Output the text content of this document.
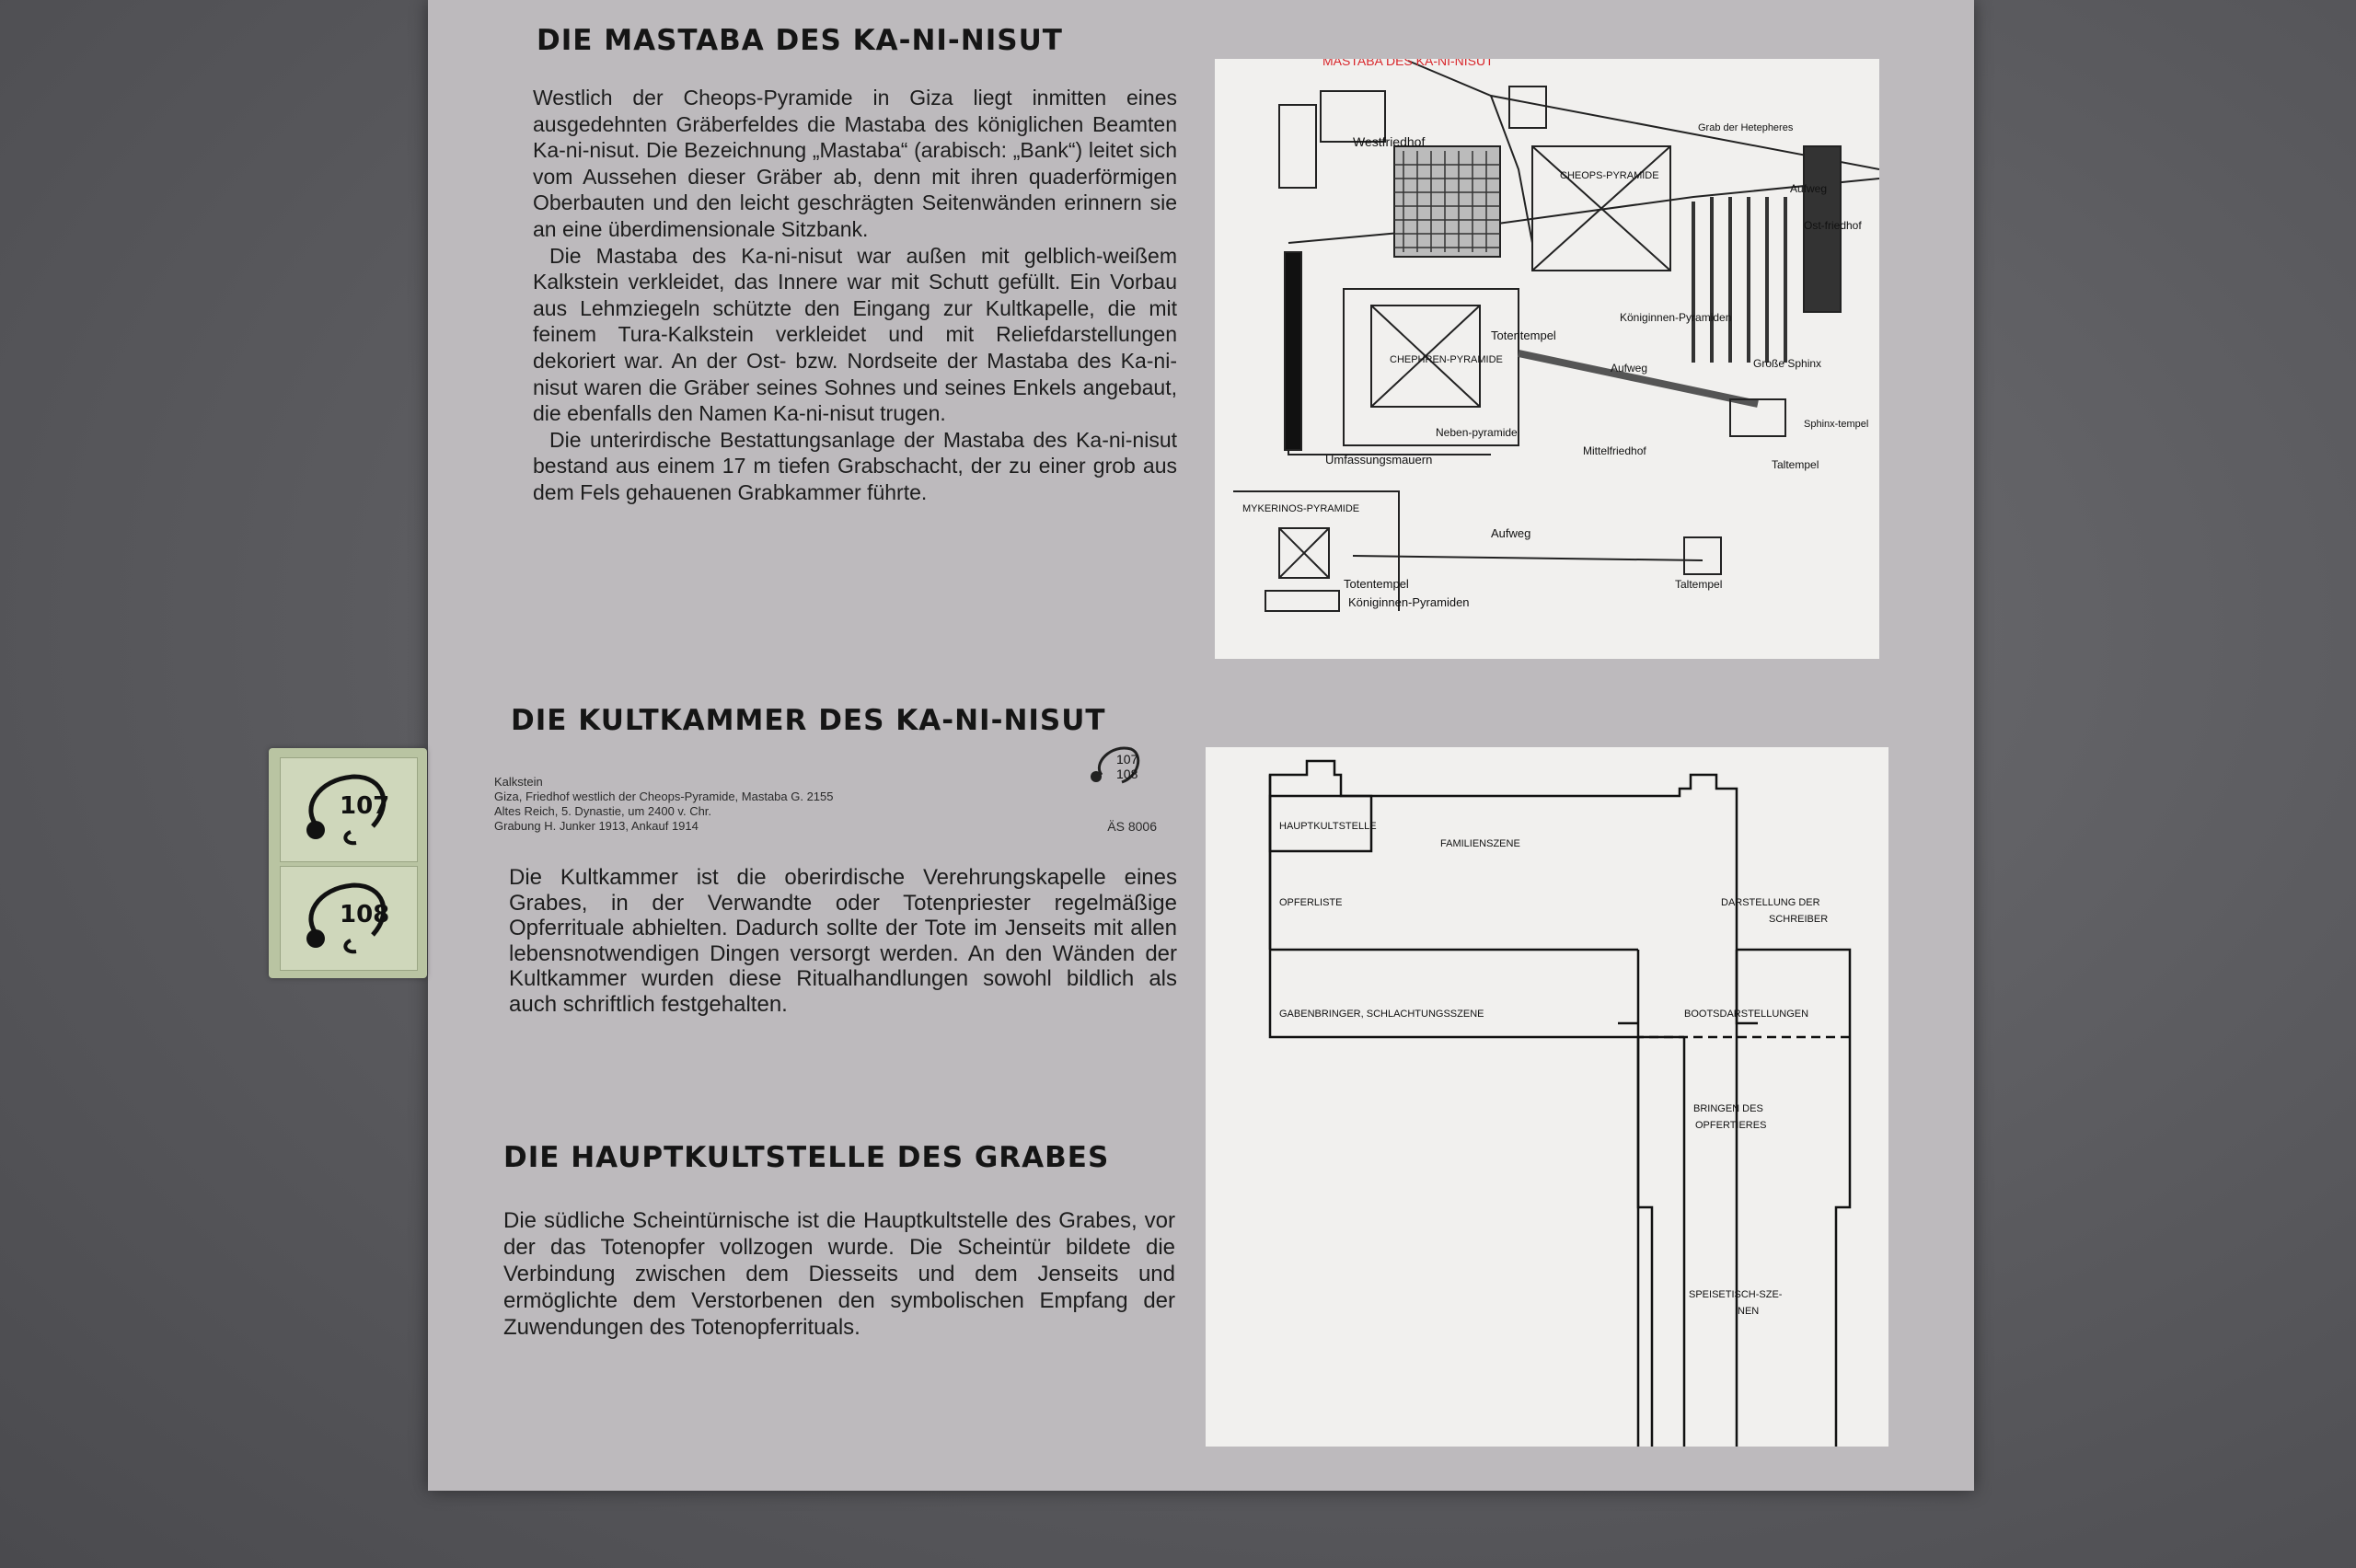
DIE MASTABA DES KA-NI-NISUT

Westlich der Cheops-Pyramide in Giza liegt inmitten eines ausgedehnten Gräberfeldes die Mastaba des königlichen Beamten Ka-ni-nisut. Die Bezeichnung „Mastaba“ (arabisch: „Bank“) leitet sich vom Aussehen dieser Gräber ab, denn mit ihren quaderförmigen Oberbauten und den leicht geschrägten Seitenwänden erinnern sie an eine überdimensionale Sitzbank.

Die Mastaba des Ka-ni-nisut war außen mit gelblich-weißem Kalkstein verkleidet, das Innere war mit Schutt gefüllt. Ein Vorbau aus Lehmziegeln schützte den Eingang zur Kultkapelle, die mit feinem Tura-Kalkstein verkleidet und mit Reliefdarstellungen dekoriert war. An der Ost- bzw. Nordseite der Mastaba des Ka-ni-nisut waren die Gräber seines Sohnes und seines Enkels angebaut, die ebenfalls den Namen Ka-ni-nisut trugen.

Die unterirdische Bestattungsanlage der Mastaba des Ka-ni-nisut bestand aus einem 17 m tiefen Grabschacht, der zu einer grob aus dem Fels gehauenen Grabkammer führte.

MASTABA DES KA-NI-NISUT
Westfriedhof
CHEOPS-PYRAMIDE
Grab der Hetepheres
Aufweg
Ost-friedhof
Königinnen-Pyramiden
Totentempel
CHEPHREN-PYRAMIDE
Aufweg	Große Sphinx
Neben-pyramide
Sphinx-tempel
Mittelfriedhof
Umfassungsmauern	Taltempel
MYKERINOS-PYRAMIDE
Aufweg
Totentempel	Taltempel
Königinnen-Pyramiden
DIE KULTKAMMER DES KA-NI-NISUT
Kalkstein
Giza, Friedhof westlich der Cheops-Pyramide, Mastaba G. 2155
Altes Reich, 5. Dynastie, um 2400 v. Chr.
Grabung H. Junker 1913, Ankauf 1914	ÄS 8006
107
108

Die Kultkammer ist die oberirdische Verehrungskapelle eines Grabes, in der Verwandte oder Totenpriester regelmäßige Opferrituale abhielten. Dadurch sollte der Tote im Jenseits mit allen lebensnotwendigen Dingen versorgt werden. An den Wänden der Kultkammer wurden diese Ritualhandlungen sowohl bildlich als auch schriftlich festgehalten.

DIE HAUPTKULTSTELLE DES GRABES

Die südliche Scheintürnische ist die Hauptkultstelle des Grabes, vor der das Totenopfer vollzogen wurde. Die Scheintür bildete die Verbindung zwischen dem Diesseits und dem Jenseits und ermöglichte dem Verstorbenen den symbolischen Empfang der Zuwendungen des Totenopferrituals.

HAUPTKULTSTELLE
FAMILIENSZENE
OPFERLISTE	DARSTELLUNG DER
SCHREIBER
GABENBRINGER, SCHLACHTUNGSSZENE	BOOTSDARSTELLUNGEN
BRINGEN DES
OPFERTIERES
SPEISETISCH-SZE-
NEN
107
108
